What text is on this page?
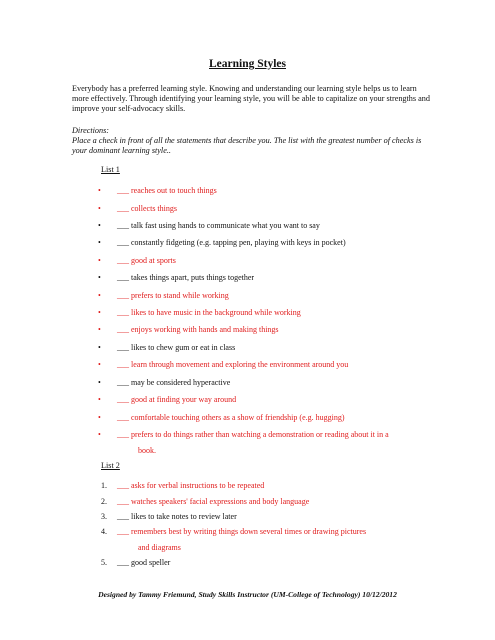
Learning Styles
Everybody has a preferred learning style. Knowing and understanding our learning style helps us to learn more effectively. Through identifying your learning style, you will be able to capitalize on your strengths and improve your self-advocacy skills.
Directions:
Place a check in front of all the statements that describe you. The list with the greatest number of checks is your dominant learning style..
List 1
• ___ reaches out to touch things
• ___ collects things
• ___ talk fast using hands to communicate what you want to say
• ___ constantly fidgeting (e.g. tapping pen, playing with keys in pocket)
• ___ good at sports
• ___ takes things apart, puts things together
• ___ prefers to stand while working
• ___ likes to have music in the background while working
• ___ enjoys working with hands and making things
• ___ likes to chew gum or eat in class
• ___ learn through movement and exploring the environment around you
• ___ may be considered hyperactive
• ___ good at finding your way around
• ___ comfortable touching others as a show of friendship (e.g. hugging)
• ___ prefers to do things rather than watching a demonstration or reading about it in a
book.
List 2
1. ___ asks for verbal instructions to be repeated
2. ___ watches speakers' facial expressions and body language
3. ___ likes to take notes to review later
4. ___ remembers best by writing things down several times or drawing pictures
and diagrams
5. ___ good speller
Designed by Tammy Friemund, Study Skills Instructor (UM-College of Technology) 10/12/2012
